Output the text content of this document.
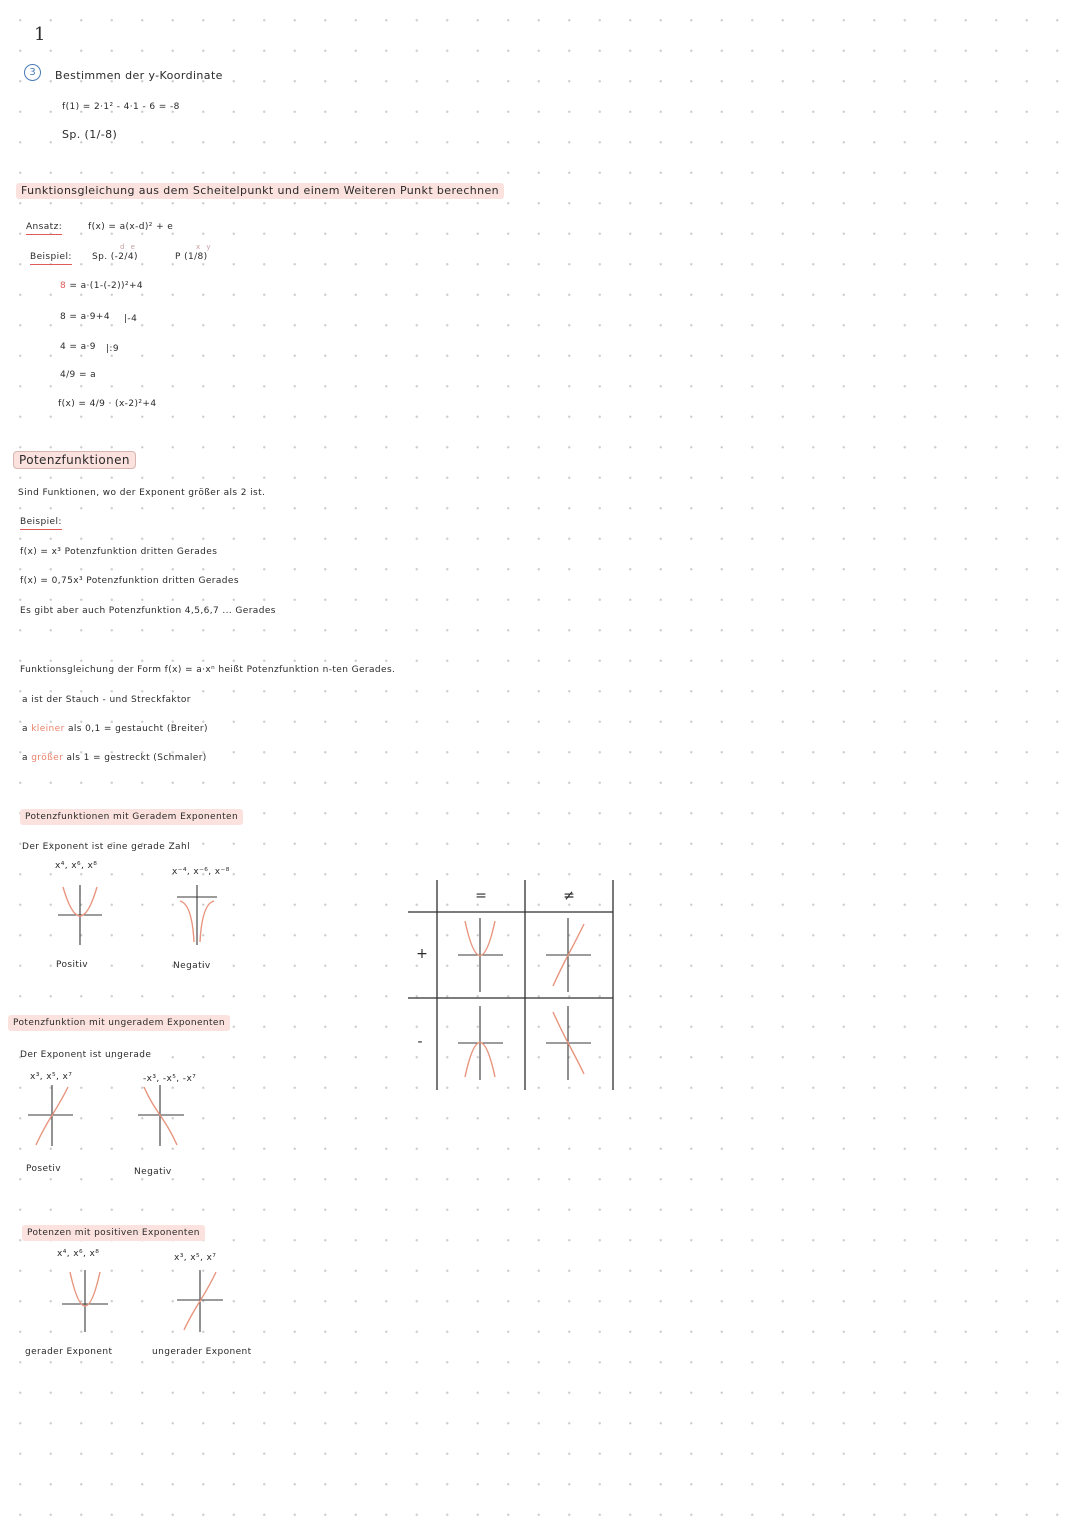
1
3	Bestimmen der y-Koordinate
f(1) = 2·1² - 4·1 - 6 = -8
Sp. (1/-8)
Funktionsgleichung aus dem Scheitelpunkt und einem Weiteren Punkt berechnen
Ansatz:	f(x) = a(x-d)² + e
Beispiel:
d e
Sp. (-2/4)
x y
P (1/8)
8 = a·(1-(-2))²+4
8 = a·9+4 |-4
4 = a·9 |:9
4/9 = a
f(x) = 4/9 · (x-2)²+4
Potenzfunktionen
Sind Funktionen, wo der Exponent größer als 2 ist.
Beispiel:
f(x) = x³ Potenzfunktion dritten Gerades
f(x) = 0,75x³ Potenzfunktion dritten Gerades
Es gibt aber auch Potenzfunktion 4,5,6,7 ... Gerades
Funktionsgleichung der Form f(x) = a·xⁿ heißt Potenzfunktion n-ten Gerades.
a ist der Stauch - und Streckfaktor
a kleiner als 0,1 = gestaucht (Breiter)
a größer als 1 = gestreckt (Schmaler)
Potenzfunktionen mit Geradem Exponenten
Der Exponent ist eine gerade Zahl
x⁴, x⁶, x⁸
x⁻⁴, x⁻⁶, x⁻⁸
Positiv	Negativ
=	≠
+
-
Potenzfunktion mit ungeradem Exponenten
Der Exponent ist ungerade
x³, x⁵, x⁷	-x³, -x⁵, -x⁷
Posetiv	Negativ
Potenzen mit positiven Exponenten
x⁴, x⁶, x⁸	x³, x⁵, x⁷
gerader Exponent	ungerader Exponent
